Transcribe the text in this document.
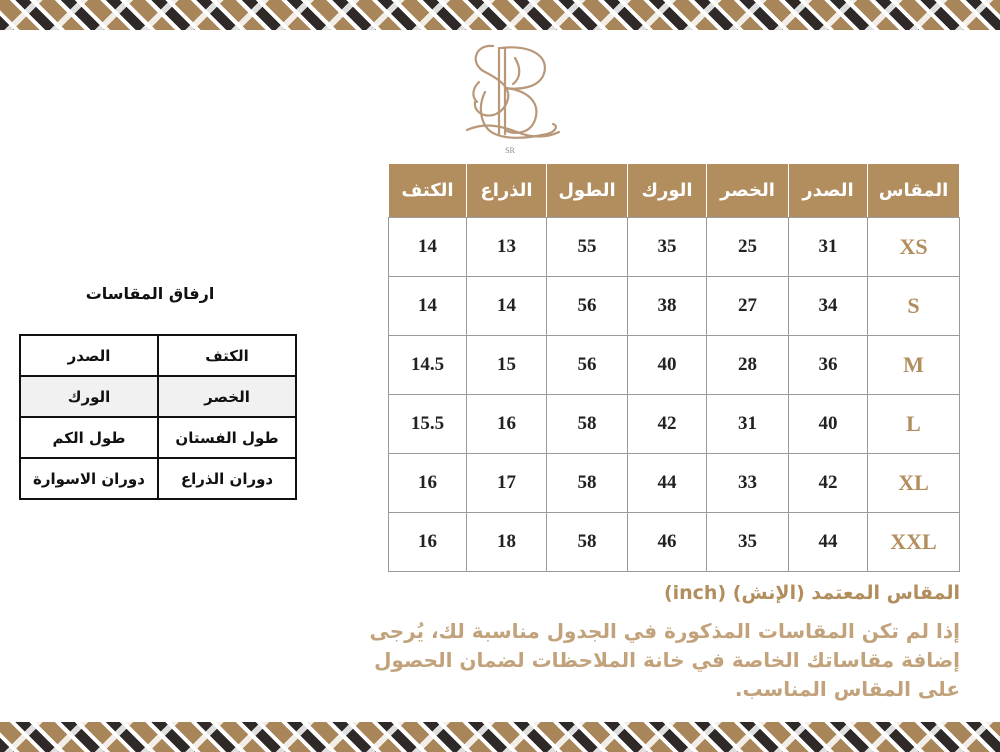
SR
المقاس	الصدر	الخصر	الورك	الطول	الذراع	الكتف
XS	31	25	35	55	13	14
S	34	27	38	56	14	14
M	36	28	40	56	15	14.5
L	40	31	42	58	16	15.5
XL	42	33	44	58	17	16
XXL	44	35	46	58	18	16
ارفاق المقاسات
الكتف	الصدر
الخصر	الورك
طول الفستان	طول الكم
دوران الذراع	دوران الاسوارة
المقاس المعتمد (الإنش) (inch)
إذا لم تكن المقاسات المذكورة في الجدول مناسبة لك، يُرجى إضافة مقاساتك الخاصة في خانة الملاحظات لضمان الحصول على المقاس المناسب.
